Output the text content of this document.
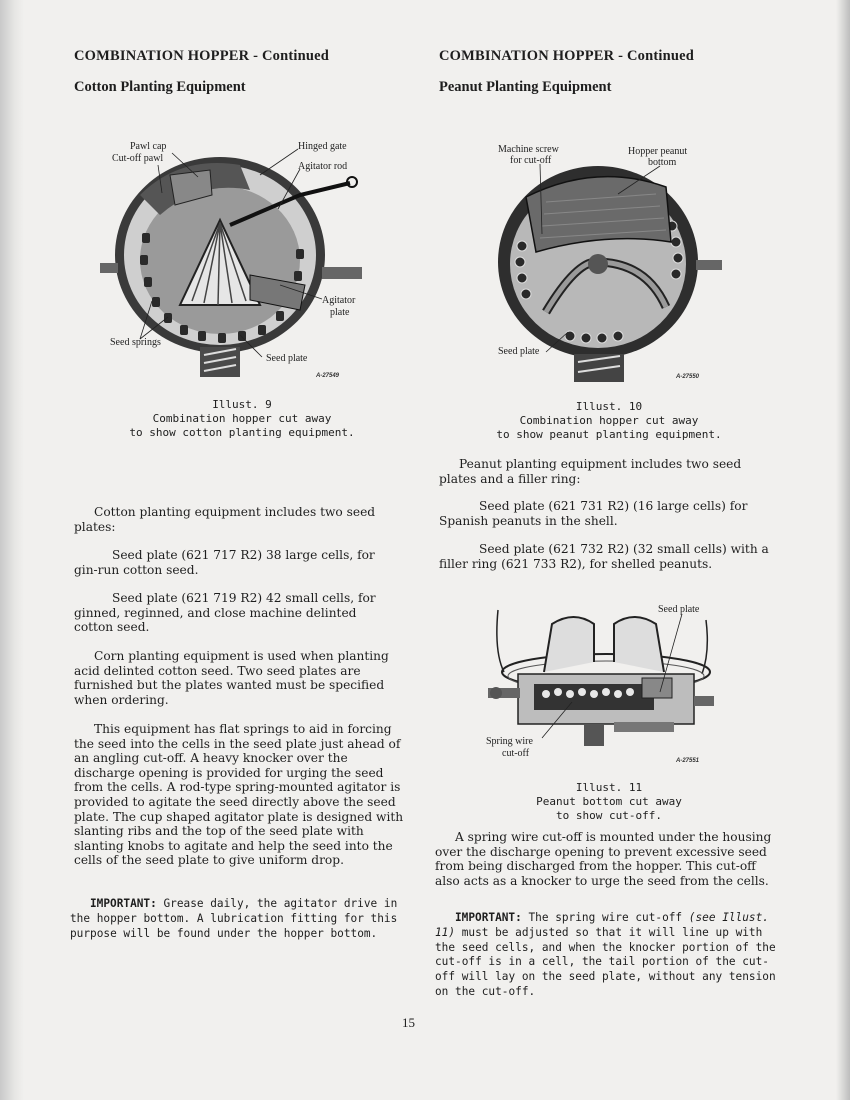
COMBINATION HOPPER - Continued
Cotton Planting Equipment
Pawl cap
Cut-off pawl
Hinged gate
Agitator rod
Agitator
plate
Seed springs
Seed plate
A-27549
Illust. 9
Combination hopper cut away
to show cotton planting equipment.

Cotton planting equipment includes two seed plates:

Seed plate (621 717 R2) 38 large cells, for gin-run cotton seed.

Seed plate (621 719 R2) 42 small cells, for ginned, reginned, and close machine delinted cotton seed.

Corn planting equipment is used when planting acid delinted cotton seed. Two seed plates are furnished but the plates wanted must be specified when ordering.

This equipment has flat springs to aid in forcing the seed into the cells in the seed plate just ahead of an angling cut-off. A heavy knocker over the discharge opening is provided for urging the seed from the cells. A rod-type spring-mounted agitator is provided to agitate the seed directly above the seed plate. The cup shaped agitator plate is designed with slanting ribs and the top of the seed plate with slanting knobs to agitate and help the seed into the cells of the seed plate to give uniform drop.

IMPORTANT: Grease daily, the agitator drive in the hopper bottom. A lubrication fitting for this purpose will be found under the hopper bottom.

COMBINATION HOPPER - Continued
Peanut Planting Equipment
Machine screw
for cut-off
Hopper peanut
bottom
Seed plate
A-27550
Illust. 10
Combination hopper cut away
to show peanut planting equipment.

Peanut planting equipment includes two seed plates and a filler ring:

Seed plate (621 731 R2) (16 large cells) for Spanish peanuts in the shell.

Seed plate (621 732 R2) (32 small cells) with a filler ring (621 733 R2), for shelled peanuts.

Seed plate
Spring wire
cut-off
A-27551
Illust. 11
Peanut bottom cut away
to show cut-off.

A spring wire cut-off is mounted under the housing over the discharge opening to prevent excessive seed from being discharged from the hopper. This cut-off also acts as a knocker to urge the seed from the cells.

IMPORTANT: The spring wire cut-off (see Illust. 11) must be adjusted so that it will line up with the seed cells, and when the knocker portion of the cut-off is in a cell, the tail portion of the cut-off will lay on the seed plate, without any tension on the cut-off.

15
